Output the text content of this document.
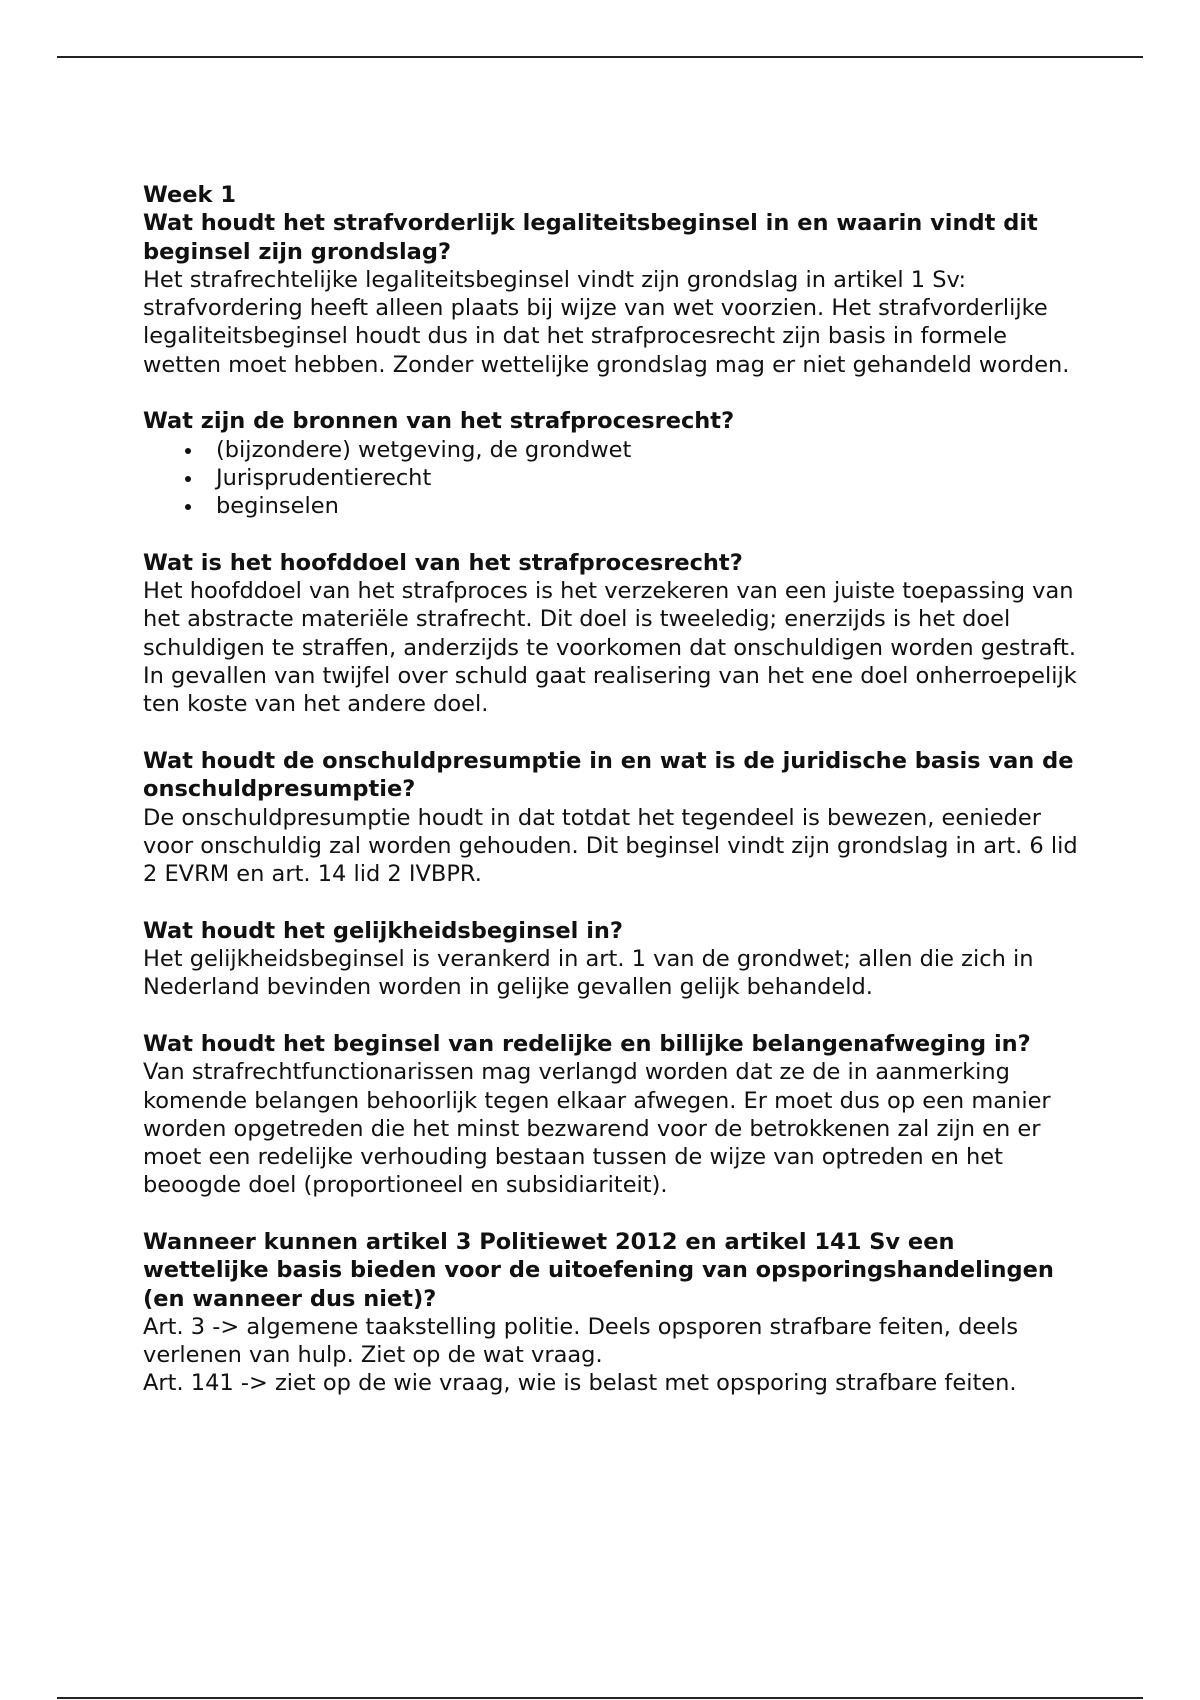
Week 1
Wat houdt het strafvorderlijk legaliteitsbeginsel in en waarin vindt dit beginsel zijn grondslag?

Het strafrechtelijke legaliteitsbeginsel vindt zijn grondslag in artikel 1 Sv: strafvordering heeft alleen plaats bij wijze van wet voorzien. Het strafvorderlijke legaliteitsbeginsel houdt dus in dat het strafprocesrecht zijn basis in formele wetten moet hebben. Zonder wettelijke grondslag mag er niet gehandeld worden.

Wat zijn de bronnen van het strafprocesrecht?
(bijzondere) wetgeving, de grondwet
Jurisprudentierecht
beginselen
Wat is het hoofddoel van het strafprocesrecht?

Het hoofddoel van het strafproces is het verzekeren van een juiste toepassing van het abstracte materiële strafrecht. Dit doel is tweeledig; enerzijds is het doel schuldigen te straffen, anderzijds te voorkomen dat onschuldigen worden gestraft. In gevallen van twijfel over schuld gaat realisering van het ene doel onherroepelijk ten koste van het andere doel.

Wat houdt de onschuldpresumptie in en wat is de juridische basis van de onschuldpresumptie?

De onschuldpresumptie houdt in dat totdat het tegendeel is bewezen, eenieder voor onschuldig zal worden gehouden. Dit beginsel vindt zijn grondslag in art. 6 lid 2 EVRM en art. 14 lid 2 IVBPR.

Wat houdt het gelijkheidsbeginsel in?

Het gelijkheidsbeginsel is verankerd in art. 1 van de grondwet; allen die zich in Nederland bevinden worden in gelijke gevallen gelijk behandeld.

Wat houdt het beginsel van redelijke en billijke belangenafweging in?

Van strafrechtfunctionarissen mag verlangd worden dat ze de in aanmerking komende belangen behoorlijk tegen elkaar afwegen. Er moet dus op een manier worden opgetreden die het minst bezwarend voor de betrokkenen zal zijn en er moet een redelijke verhouding bestaan tussen de wijze van optreden en het beoogde doel (proportioneel en subsidiariteit).

Wanneer kunnen artikel 3 Politiewet 2012 en artikel 141 Sv een wettelijke basis bieden voor de uitoefening van opsporingshandelingen (en wanneer dus niet)?

Art. 3 -> algemene taakstelling politie. Deels opsporen strafbare feiten, deels verlenen van hulp. Ziet op de wat vraag.

Art. 141 -> ziet op de wie vraag, wie is belast met opsporing strafbare feiten.
